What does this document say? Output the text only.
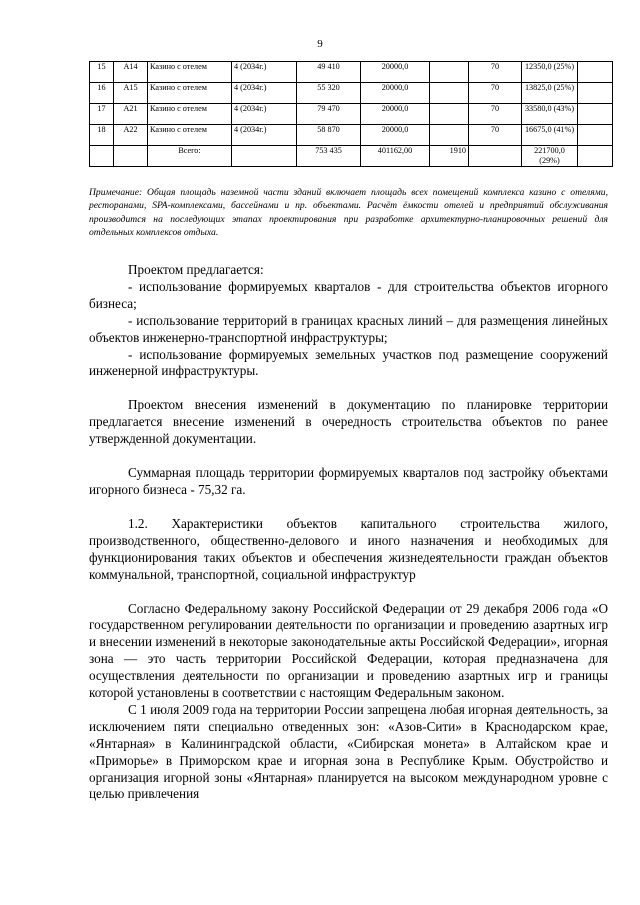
9
15	А14	Казино с отелем	4 (2034г.)	49 410	20000,0		70	12350,0 (25%)	
16	А15	Казино с отелем	4 (2034г.)	55 320	20000,0		70	13825,0 (25%)	
17	А21	Казино с отелем	4 (2034г.)	79 470	20000,0		70	33580,0 (43%)	
18	А22	Казино с отелем	4 (2034г.)	58 870	20000,0		70	16675,0 (41%)	
		Всего:		753 435	401162,00	1910		221700,0 (29%)	
Примечание: Общая площадь наземной части зданий включает площадь всех помещений комплекса казино с отелями, ресторанами, SPA-комплексами, бассейнами и пр. объектами. Расчёт ёмкости отелей и предприятий обслуживания производится на последующих этапах проектирования при разработке архитектурно-планировочных решений для отдельных комплексов отдыха.

Проектом предлагается:

- использование формируемых кварталов - для строительства объектов игорного бизнеса;

- использование территорий в границах красных линий – для размещения линейных объектов инженерно-транспортной инфраструктуры;

- использование формируемых земельных участков под размещение сооружений инженерной инфраструктуры.

Проектом внесения изменений в документацию по планировке территории предлагается внесение изменений в очередность строительства объектов по ранее утвержденной документации.

Суммарная площадь территории формируемых кварталов под застройку объектами игорного бизнеса - 75,32 га.

1.2. Характеристики объектов капитального строительства жилого, производственного, общественно-делового и иного назначения и необходимых для функционирования таких объектов и обеспечения жизнедеятельности граждан объектов коммунальной, транспортной, социальной инфраструктур

Согласно Федеральному закону Российской Федерации от 29 декабря 2006 года «О государственном регулировании деятельности по организации и проведению азартных игр и внесении изменений в некоторые законодательные акты Российской Федерации», игорная зона — это часть территории Российской Федерации, которая предназначена для осуществления деятельности по организации и проведению азартных игр и границы которой установлены в соответствии с настоящим Федеральным законом.

С 1 июля 2009 года на территории России запрещена любая игорная деятельность, за исключением пяти специально отведенных зон: «Азов-Сити» в Краснодарском крае, «Янтарная» в Калининградской области, «Сибирская монета» в Алтайском крае и «Приморье» в Приморском крае и игорная зона в Республике Крым. Обустройство и организация игорной зоны «Янтарная» планируется на высоком международном уровне с целью привлечения
